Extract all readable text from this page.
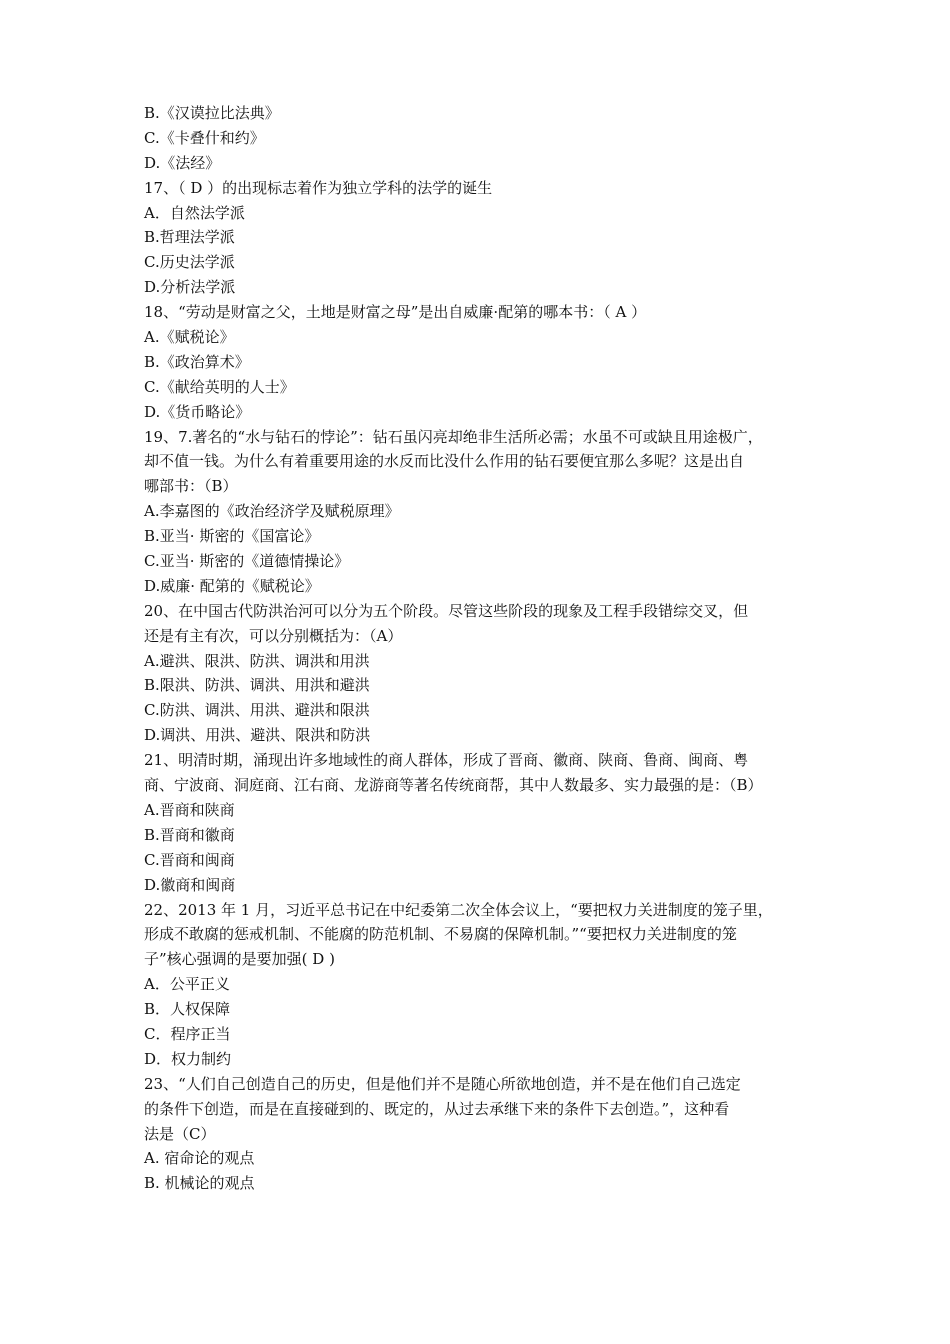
B.《汉谟拉比法典》
C.《卡叠什和约》
D.《法经》
17、（ D ）的出现标志着作为独立学科的法学的诞生
A．自然法学派
B.哲理法学派
C.历史法学派
D.分析法学派
18、“劳动是财富之父，土地是财富之母”是出自威廉·配第的哪本书：（ A ）
A.《赋税论》
B.《政治算术》
C.《献给英明的人士》
D.《货币略论》
19、7.著名的“水与钻石的悖论”：钻石虽闪亮却绝非生活所必需；水虽不可或缺且用途极广，
却不值一钱。为什么有着重要用途的水反而比没什么作用的钻石要便宜那么多呢？这是出自
哪部书：（B）
A.李嘉图的《政治经济学及赋税原理》
B.亚当· 斯密的《国富论》
C.亚当· 斯密的《道德情操论》
D.威廉· 配第的《赋税论》
20、在中国古代防洪治河可以分为五个阶段。尽管这些阶段的现象及工程手段错综交叉，但
还是有主有次，可以分别概括为：（A）
A.避洪、限洪、防洪、调洪和用洪
B.限洪、防洪、调洪、用洪和避洪
C.防洪、调洪、用洪、避洪和限洪
D.调洪、用洪、避洪、限洪和防洪
21、明清时期，涌现出许多地域性的商人群体，形成了晋商、徽商、陕商、鲁商、闽商、粤
商、宁波商、洞庭商、江右商、龙游商等著名传统商帮，其中人数最多、实力最强的是：（B）
A.晋商和陕商
B.晋商和徽商
C.晋商和闽商
D.徽商和闽商
22、2013 年 1 月，习近平总书记在中纪委第二次全体会议上，“要把权力关进制度的笼子里，
形成不敢腐的惩戒机制、不能腐的防范机制、不易腐的保障机制。”“要把权力关进制度的笼
子”核心强调的是要加强( D )
A．公平正义
B．人权保障
C．程序正当
D．权力制约
23、“人们自己创造自己的历史，但是他们并不是随心所欲地创造，并不是在他们自己选定
的条件下创造，而是在直接碰到的、既定的，从过去承继下来的条件下去创造。”，这种看
法是（C）
A. 宿命论的观点
B. 机械论的观点
